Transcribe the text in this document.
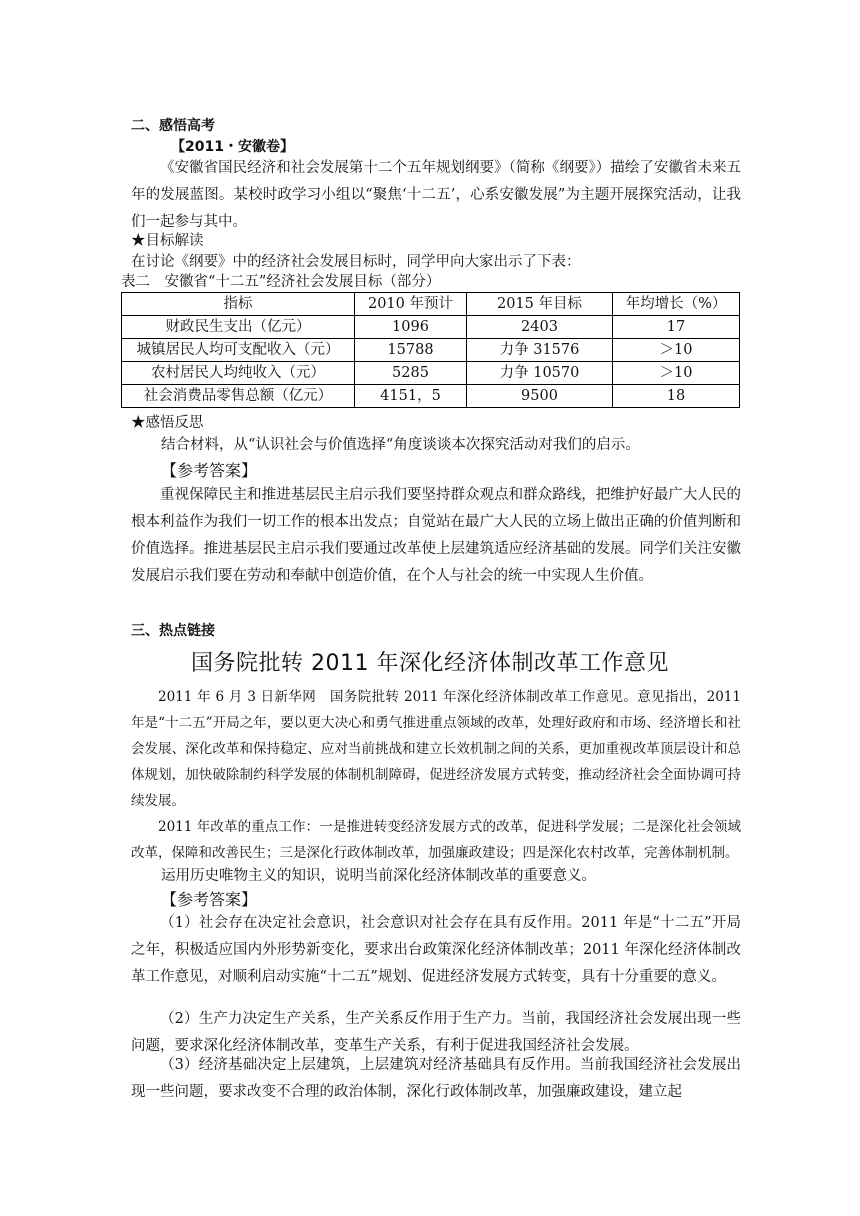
二、感悟高考
【2011・安徽卷】

《安徽省国民经济和社会发展第十二个五年规划纲要》（简称《纲要》）描绘了安徽省未来五年的发展蓝图。某校时政学习小组以“聚焦‘十二五’，心系安徽发展”为主题开展探究活动，让我们一起参与其中。

★目标解读
在讨论《纲要》中的经济社会发展目标时，同学甲向大家出示了下表：
表二　安徽省“十二五”经济社会发展目标（部分）
指标	2010 年预计	2015 年目标	年均增长（%）
财政民生支出（亿元）	1096	2403	17
城镇居民人均可支配收入（元）	15788	力争 31576	＞10
农村居民人均纯收入（元）	5285	力争 10570	＞10
社会消费品零售总额（亿元）	4151，5	9500	18
★感悟反思
结合材料，从“认识社会与价值选择“角度谈谈本次探究活动对我们的启示。
【参考答案】

重视保障民主和推进基层民主启示我们要坚持群众观点和群众路线，把维护好最广大人民的根本利益作为我们一切工作的根本出发点；自觉站在最广大人民的立场上做出正确的价值判断和价值选择。推进基层民主启示我们要通过改革使上层建筑适应经济基础的发展。同学们关注安徽发展启示我们要在劳动和奉献中创造价值，在个人与社会的统一中实现人生价值。

三、热点链接
国务院批转 2011 年深化经济体制改革工作意见

2011 年 6 月 3 日新华网　国务院批转 2011 年深化经济体制改革工作意见。意见指出，2011 年是“十二五”开局之年，要以更大决心和勇气推进重点领域的改革，处理好政府和市场、经济增长和社会发展、深化改革和保持稳定、应对当前挑战和建立长效机制之间的关系，更加重视改革顶层设计和总体规划，加快破除制约科学发展的体制机制障碍，促进经济发展方式转变，推动经济社会全面协调可持续发展。

2011 年改革的重点工作：一是推进转变经济发展方式的改革，促进科学发展；二是深化社会领域改革，保障和改善民生；三是深化行政体制改革，加强廉政建设；四是深化农村改革，完善体制机制。

运用历史唯物主义的知识，说明当前深化经济体制改革的重要意义。
【参考答案】

（1）社会存在决定社会意识，社会意识对社会存在具有反作用。2011 年是“十二五”开局之年，积极适应国内外形势新变化，要求出台政策深化经济体制改革；2011 年深化经济体制改革工作意见，对顺利启动实施“十二五”规划、促进经济发展方式转变，具有十分重要的意义。

（2）生产力决定生产关系，生产关系反作用于生产力。当前，我国经济社会发展出现一些问题，要求深化经济体制改革，变革生产关系，有利于促进我国经济社会发展。

（3）经济基础决定上层建筑，上层建筑对经济基础具有反作用。当前我国经济社会发展出现一些问题，要求改变不合理的政治体制，深化行政体制改革，加强廉政建设，建立起
